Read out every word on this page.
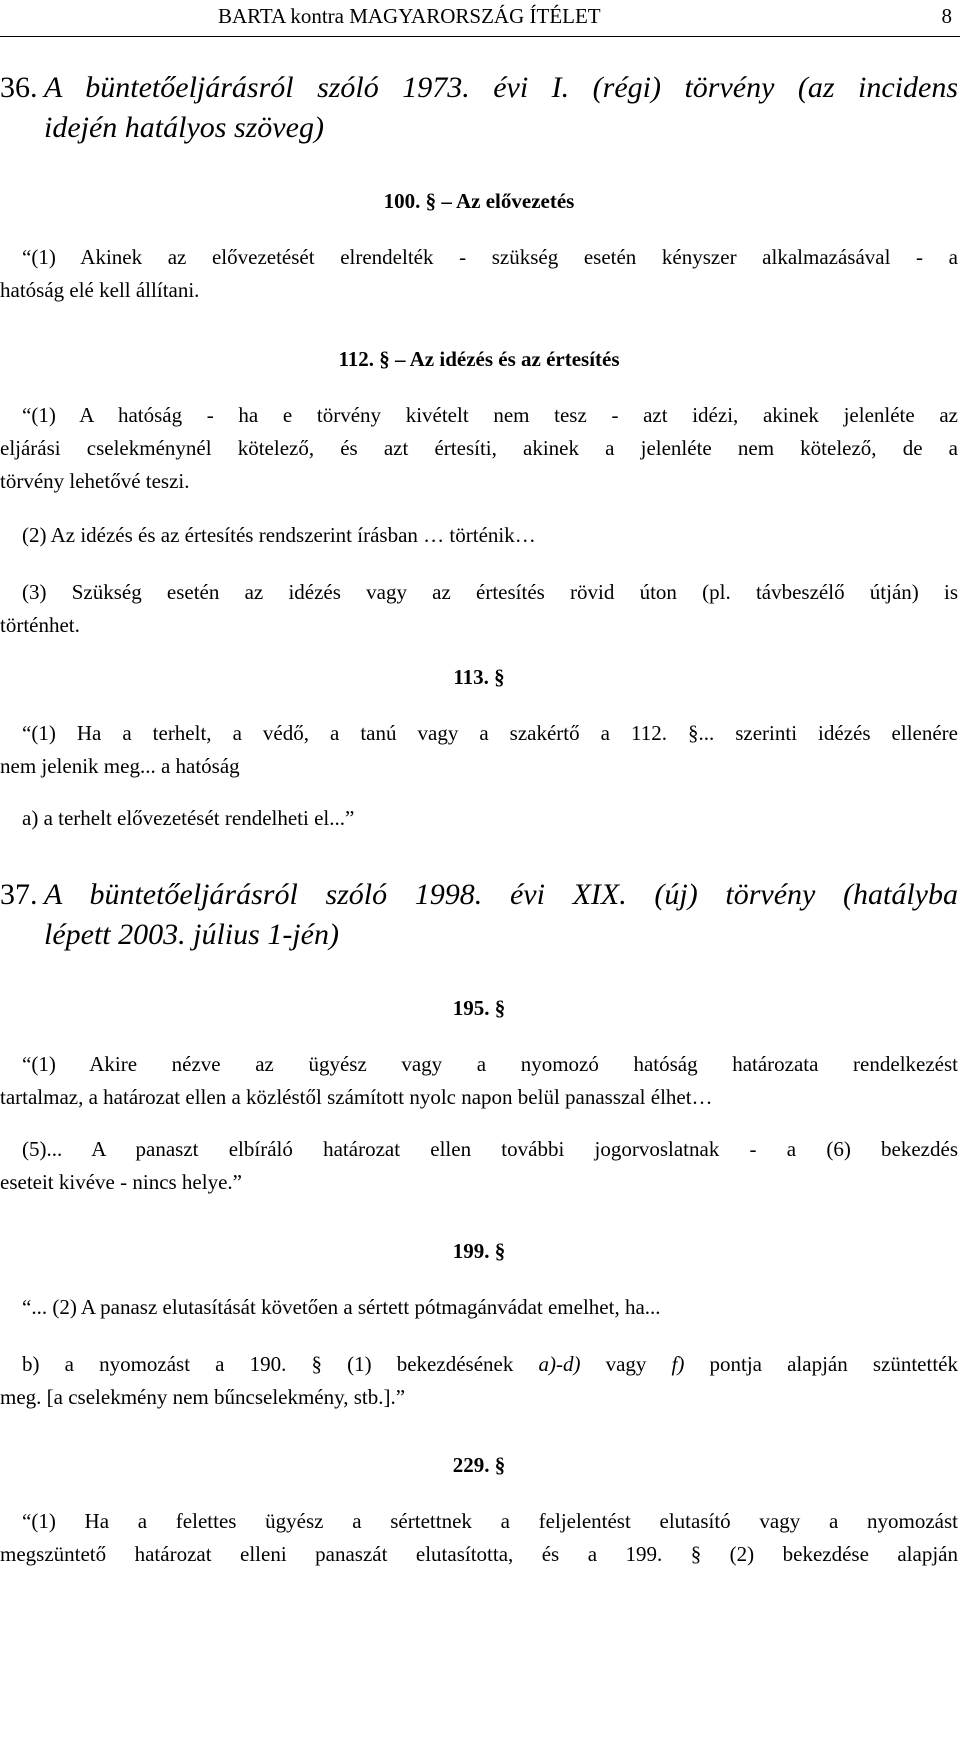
BARTA kontra MAGYARORSZÁG ÍTÉLET	8
36. A büntetőeljárásról szóló 1973. évi I. (régi) törvény (az incidens
idején hatályos szöveg)
100. § – Az elővezetés
“(1) Akinek az elővezetését elrendelték - szükség esetén kényszer alkalmazásával - a
hatóság elé kell állítani.
112. § – Az idézés és az értesítés
“(1) A hatóság - ha e törvény kivételt nem tesz - azt idézi, akinek jelenléte az
eljárási cselekménynél kötelező, és azt értesíti, akinek a jelenléte nem kötelező, de a
törvény lehetővé teszi.
(2) Az idézés és az értesítés rendszerint írásban … történik…
(3) Szükség esetén az idézés vagy az értesítés rövid úton (pl. távbeszélő útján) is
történhet.
113. §
“(1) Ha a terhelt, a védő, a tanú vagy a szakértő a 112. §... szerinti idézés ellenére
nem jelenik meg... a hatóság
a) a terhelt elővezetését rendelheti el...”
37. A büntetőeljárásról szóló 1998. évi XIX. (új) törvény (hatályba
lépett 2003. július 1-jén)
195. §
“(1) Akire nézve az ügyész vagy a nyomozó hatóság határozata rendelkezést
tartalmaz, a határozat ellen a közléstől számított nyolc napon belül panasszal élhet…
(5)... A panaszt elbíráló határozat ellen további jogorvoslatnak - a (6) bekezdés
eseteit kivéve - nincs helye.”
199. §
“... (2) A panasz elutasítását követően a sértett pótmagánvádat emelhet, ha...
b) a nyomozást a 190. § (1) bekezdésének a)-d) vagy f) pontja alapján szüntették
meg. [a cselekmény nem bűncselekmény, stb.].”
229. §
“(1) Ha a felettes ügyész a sértettnek a feljelentést elutasító vagy a nyomozást
megszüntető határozat elleni panaszát elutasította, és a 199. § (2) bekezdése alapján
